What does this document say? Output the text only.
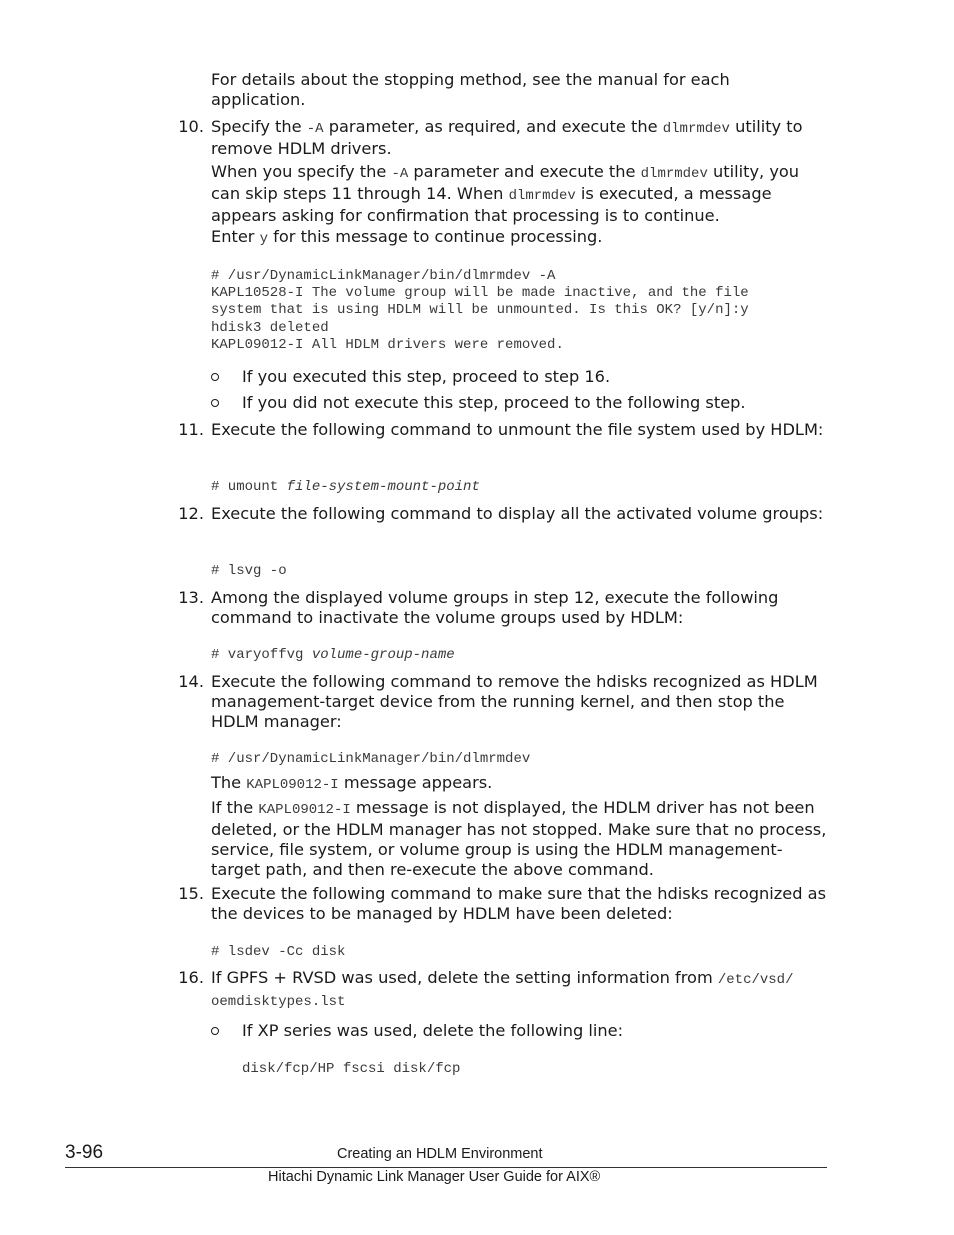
For details about the stopping method, see the manual for each application.

10. Specify the -A parameter, as required, and execute the dlmrmdev utility to remove HDLM drivers.

When you specify the -A parameter and execute the dlmrmdev utility, you can skip steps 11 through 14. When dlmrmdev is executed, a message appears asking for confirmation that processing is to continue.

Enter y for this message to continue processing.

# /usr/DynamicLinkManager/bin/dlmrmdev -A
KAPL10528-I The volume group will be made inactive, and the file
system that is using HDLM will be unmounted. Is this OK? [y/n]:y
hdisk3 deleted
KAPL09012-I All HDLM drivers were removed.
If you executed this step, proceed to step 16.
If you did not execute this step, proceed to the following step.
11. Execute the following command to unmount the file system used by HDLM:

# umount file-system-mount-point
12. Execute the following command to display all the activated volume groups:

# lsvg -o
13. Among the displayed volume groups in step 12, execute the following command to inactivate the volume groups used by HDLM:

# varyoffvg volume-group-name
14. Execute the following command to remove the hdisks recognized as HDLM management-target device from the running kernel, and then stop the HDLM manager:

# /usr/DynamicLinkManager/bin/dlmrmdev

The KAPL09012-I message appears.

If the KAPL09012-I message is not displayed, the HDLM driver has not been deleted, or the HDLM manager has not stopped. Make sure that no process, service, file system, or volume group is using the HDLM management-target path, and then re-execute the above command.

15. Execute the following command to make sure that the hdisks recognized as the devices to be managed by HDLM have been deleted:

# lsdev -Cc disk
16. If GPFS + RVSD was used, delete the setting information from /etc/vsd/
oemdisktypes.lst

If XP series was used, delete the following line:
disk/fcp/HP fscsi disk/fcp
3-96	Creating an HDLM Environment
Hitachi Dynamic Link Manager User Guide for AIX®
